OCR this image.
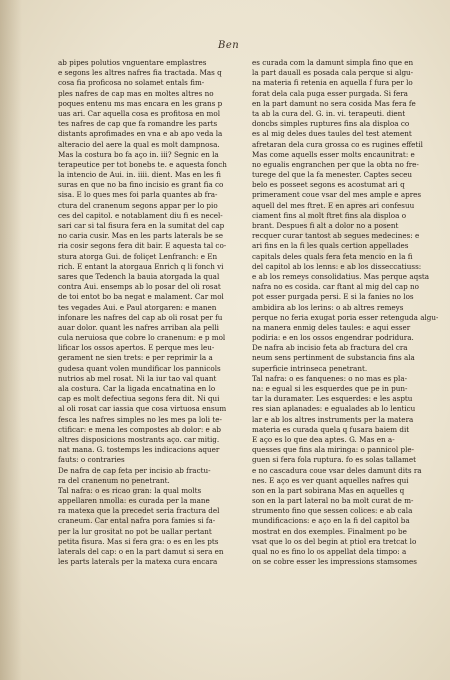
Ben
ab pipes polutios vnguentare emplastres
e segons les altres nafres fia tractada. Mas q
cosa fia proficosa no solamet entals fim-
ples nafres de cap mas en moltes altres no
poques entenu ms mas encara en les grans p
uas ari. Car aquella cosa es profitosa en mol
tes nafres de cap que fa romandre les parts
distants aprofimades en vna e ab apo veda la
alteracio del aere la qual es molt dampnosa.
Mas la costura bo fa aço in. iii? Segnic en la
terapeutice per tot bonebs te. e aquesta fonch
la intencio de Aui. in. iiii. dient. Mas en les fi
suras en que no ba fino incisio es grant fia co
sisa. E lo ques mes foi parla quantes ab fra-
ctura del cranenum segons appar per lo pio
ces del capitol. e notablament diu fi es necel-
sari car si tal fisura fera en la sumitat del cap
no caria cusir. Mas en les parts laterals be se
ria cosir segons fera dit bair. E aquesta tal co-
stura atorga Gui. de foliçet Lenfranch: e En
rich. E entant la atorgaua Enrich q li fonch vi
sares que Tedench la bauia atorgada la qual
contra Aui. ensemps ab lo posar del oli rosat
de toi entot bo ba negat e malament. Car mol
tes vegades Aui. e Paul atorgaren: e manen
infonare les nafres del cap ab oli rosat per fu
auar dolor. quant les nafres arriban ala pelli
cula neruiosa que cobre lo cranenum: e p mol
lificar los ossos apertos. E perque mes leu-
gerament ne sien trets: e per reprimir la a
gudesa quant volen mundificar los pannicols
nutrios ab mel rosat. Ni la iur tao val quant
ala costura. Car la ligada encatnatina en lo
cap es molt defectiua segons fera dit. Ni qui
al oli rosat car iassia que cosa virtuosa ensum
fesca les nafres simples no les mes pa loli te-
ctificar: e mena les compostes ab dolor: e ab
altres disposicions mostrants aço. car mitig.
nat mana. G. tostemps les indicacions aquer
fauts: o contraries
De nafra de cap feta per incisio ab fractu-
ra del cranenum no penetrant.
Tal nafra: o es ricao gran: la qual molts
appellaren nmolla: es curada per la mane
ra matexa que la precedet seria fractura del
craneum. Car ental nafra pora famies si fa-
per la lur grositat no pot be uallar pertant
petita fisura. Mas si fera gra: o es en les pts
laterals del cap: o en la part damut si sera en
les parts laterals per la matexa cura encara
es curada com la damunt simpla fino que en
la part dauall es posada cala perque si algu-
na materia fi retenia en aquella f fura per lo
forat dela cala puga esser purgada. Si fera
en la part damunt no sera cosida Mas fera fe
ta ab la cura del. G. in. vi. terapeuti. dient
doncbs simples ruptures fins ala disploa co
es al mig deles dues taules del test atement
afretaran dela cura grossa co es rugines effetil
Mas come aquells esser molts encaunitrat: e
no egualis engranchen per que la obta no fre-
turege del que la fa menester. Captes seceu
belo es posseet segons es acostumat ari q
primerament coue vsar del mes ample e apres
aquell del mes ftret. E en apres ari confesuu
ciament fins al molt ftret fins ala disploa o
brant. Despues fi alt a dolor no a posent
recquer curar tantost ab segues medecines: e
ari fins en la fi les quals certion appellades
capitals deles quals fera feta mencio en la fi
del capitol ab los lenns: e ab los disseccatiuss:
e ab los remeys consolidatius. Mas perque aqsta
nafra no es cosida. car ftant al mig del cap no
pot esser purgada persi. E si la fanies no los
ambidira ab los lerins: o ab altres remeys
perque no feria exugat poria esser retenguda algu-
na manera enmig deles taules: e aqui esser
podiria: e en los ossos engendrar podridura.
De nafra ab incisio feta ab fractura del cra
neum sens pertinment de substancia fins ala
superficie intrinseca penetrant.
Tal nafra: o es fanquenes: o no mas es pla-
na: e egual si les esquerdes que pe in pun-
tar la duramater. Les esquerdes: e les asptu
res sian aplanades: e egualades ab lo lenticu
lar e ab los altres instruments per la matera
materia es curada quela q fusara baiem dit
E aço es lo que dea aptes. G. Mas en a-
quesses que fins ala miringa: o pannicol ple-
guen si fera fola ruptura. fo es solas tallamet
e no cascadura coue vsar deles damunt dits ra
nes. E aço es ver quant aquelles nafres qui
son en la part sobirana Mas en aquelles q
son en la part lateral no ba molt curat de m-
strumento fino que sessen colices: e ab cala
mundificacions: e aço en la fi del capitol ba
mostrat en dos exemples. Finalment po be
vsat que lo os del begin at ptiol era tretcat lo
qual no es fino lo os appellat dela timpo: a
on se cobre esser les impressions stamsomes
